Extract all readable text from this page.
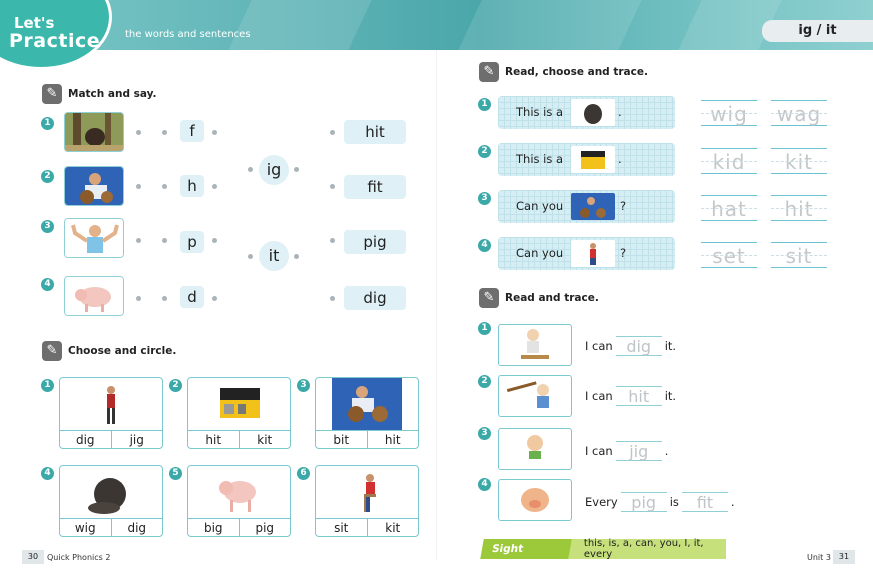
Let's
Practice the words and sentences	ig / it
✎	Match and say.
1
2
3
4
f
h
p
d
ig
it
hit
fit
pig
dig
✎	Choose and circle.
1
dig	jig
2
hit	kit
3
bit	hit
4
wig	dig
5
big	pig
6
sit	kit
✎	Read, choose and trace.
1
This is a	.	wig	wag
2
This is a	.	kid	kit
3
Can you	?	hat	hit
4
Can you	?	set	sit
✎	Read and trace.
1
I can dig	it.
2
I can hit	it.
3
I can	jig	.
4
Every pig	is	fit	.
Sight Words
this, is, a, can, you, I, it, every
30	Quick Phonics 2	Unit 3 31
